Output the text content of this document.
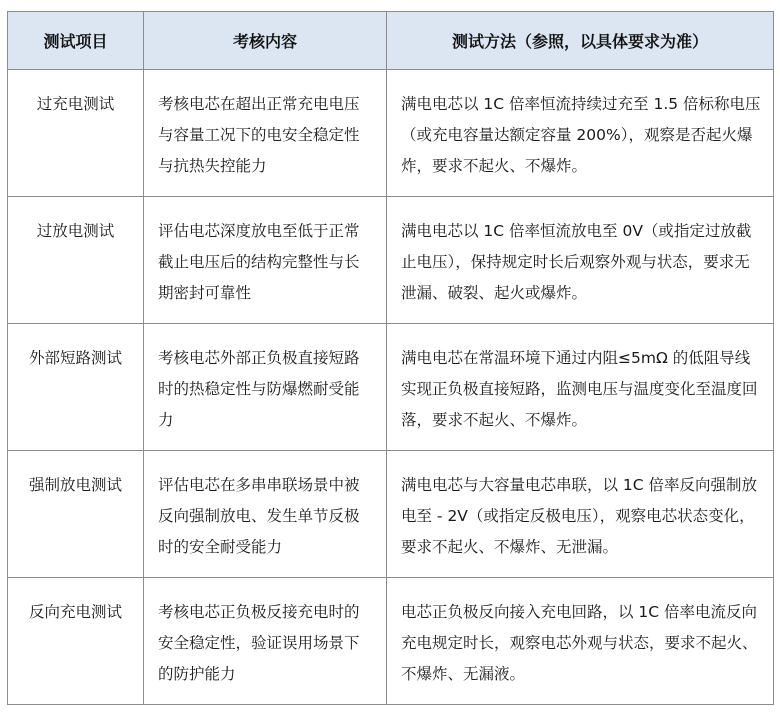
测试项目	考核内容	测试方法（参照，以具体要求为准）
过充电测试	考核电芯在超出正常充电电压与容量工况下的电安全稳定性与抗热失控能力	满电电芯以 1C 倍率恒流持续过充至 1.5 倍标称电压（或充电容量达额定容量 200%），观察是否起火爆炸，要求不起火、不爆炸。
过放电测试	评估电芯深度放电至低于正常截止电压后的结构完整性与长期密封可靠性	满电电芯以 1C 倍率恒流放电至 0V（或指定过放截止电压），保持规定时长后观察外观与状态，要求无泄漏、破裂、起火或爆炸。
外部短路测试	考核电芯外部正负极直接短路时的热稳定性与防爆燃耐受能力	满电电芯在常温环境下通过内阻≤5mΩ 的低阻导线实现正负极直接短路，监测电压与温度变化至温度回落，要求不起火、不爆炸。
强制放电测试	评估电芯在多串串联场景中被反向强制放电、发生单节反极时的安全耐受能力	满电电芯与大容量电芯串联，以 1C 倍率反向强制放电至 - 2V（或指定反极电压），观察电芯状态变化，要求不起火、不爆炸、无泄漏。
反向充电测试	考核电芯正负极反接充电时的安全稳定性，验证误用场景下的防护能力	电芯正负极反向接入充电回路，以 1C 倍率电流反向充电规定时长，观察电芯外观与状态，要求不起火、不爆炸、无漏液。
